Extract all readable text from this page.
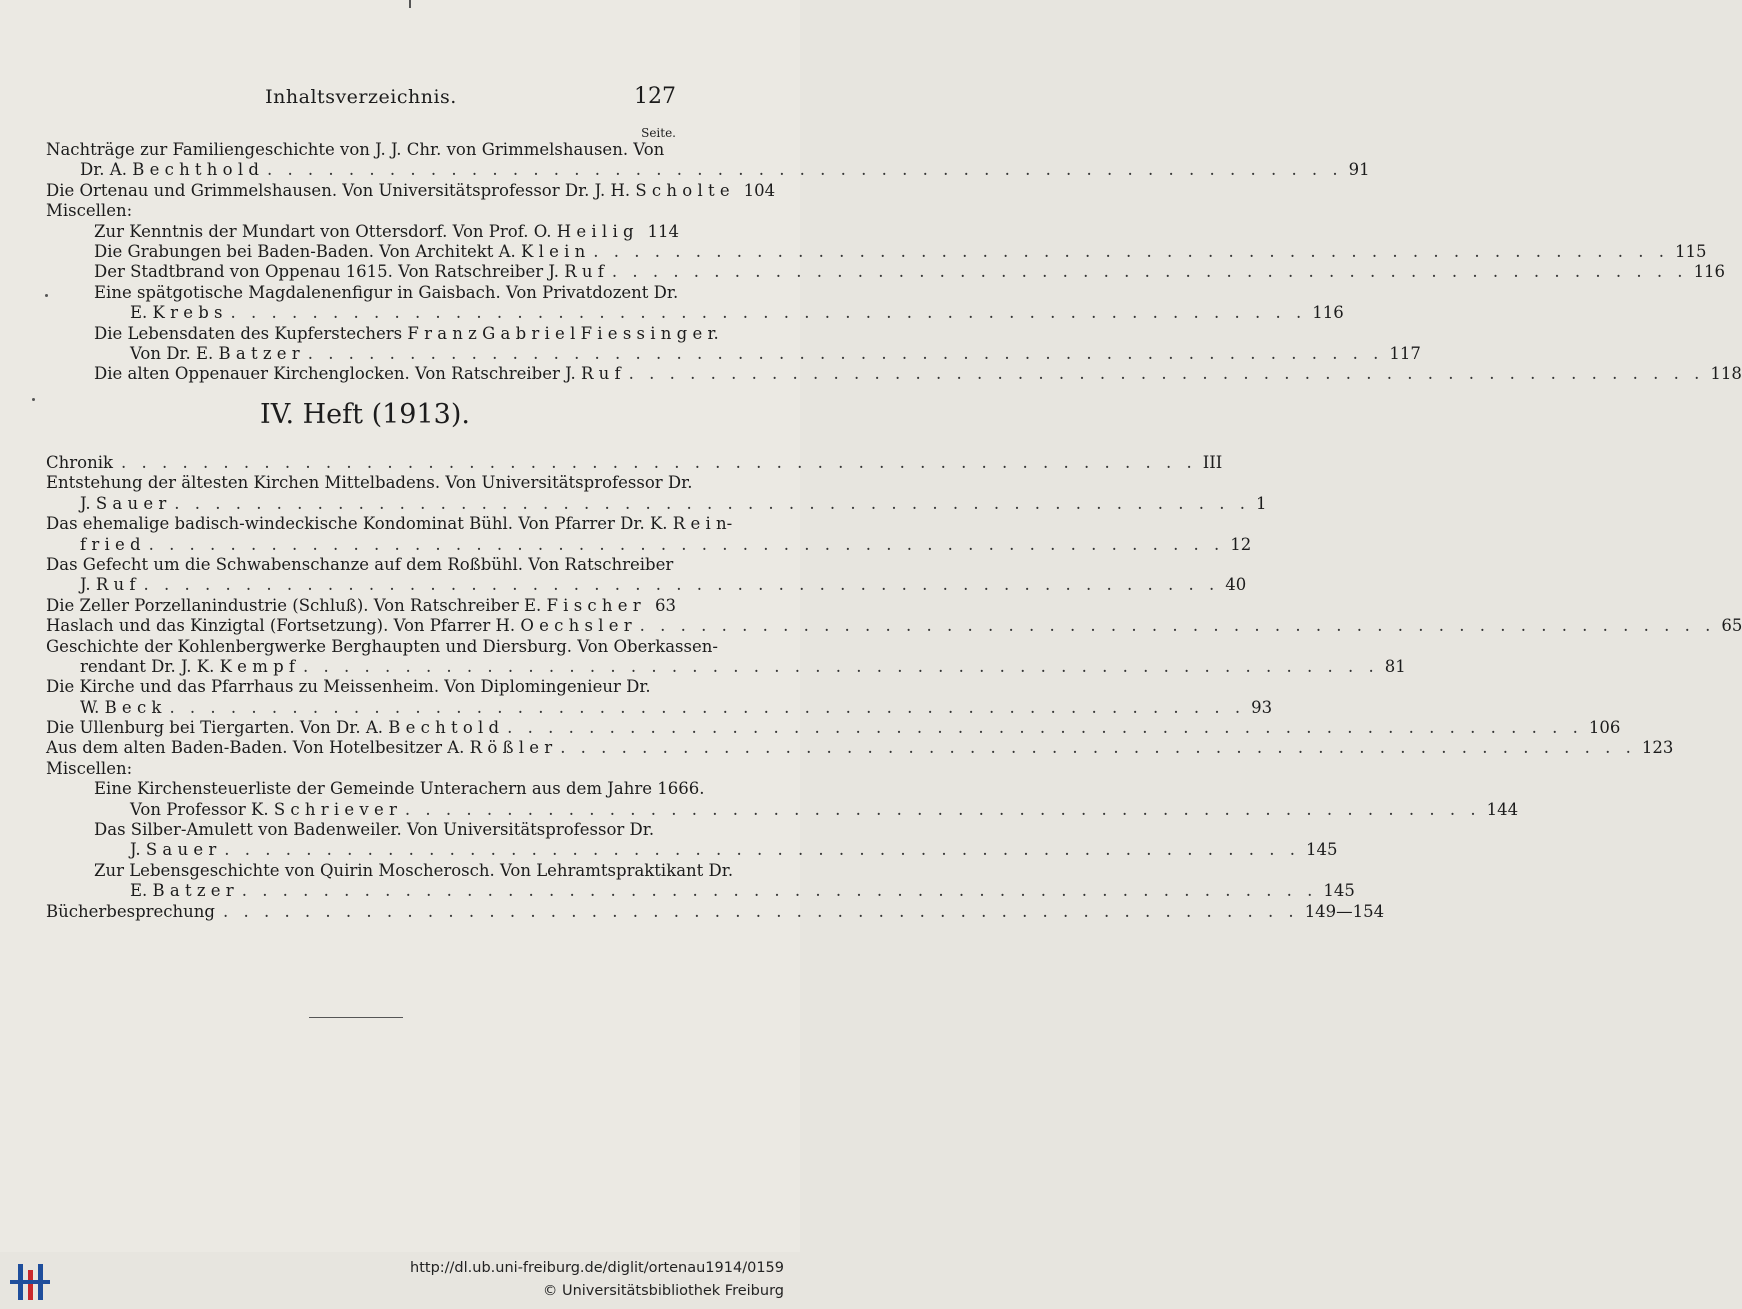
Inhaltsverzeichnis.	127
Seite.
Nachträge zur Familiengeschichte von J. J. Chr. von Grimmelshausen. Von
Dr. A. B e c h t h o l d . . .	91
Die Ortenau und Grimmelshausen. Von Universitätsprofessor Dr. J. H. S c h o l t e 104
Miscellen:
Zur Kenntnis der Mundart von Ottersdorf. Von Prof. O. H e i l i g 114
Die Grabungen bei Baden-Baden. Von Architekt A. K l e i n . . .	115
Der Stadtbrand von Oppenau 1615. Von Ratschreiber J. R u f . . .	116
Eine spätgotische Magdalenenfigur in Gaisbach. Von Privatdozent Dr.
E. K r e b s . . .	116
Die Lebensdaten des Kupferstechers F r a n z G a b r i e l F i e s s i n g e r.
Von Dr. E. B a t z e r . . .	117
Die alten Oppenauer Kirchenglocken. Von Ratschreiber J. R u f . . .	118
IV. Heft (1913).
Chronik . . .	III
Entstehung der ältesten Kirchen Mittelbadens. Von Universitätsprofessor Dr.
J. S a u e r . . .	1
Das ehemalige badisch-windeckische Kondominat Bühl. Von Pfarrer Dr. K. R e i n-
f r i e d . . .	12
Das Gefecht um die Schwabenschanze auf dem Roßbühl. Von Ratschreiber
J. R u f . . .	40
Die Zeller Porzellanindustrie (Schluß). Von Ratschreiber E. F i s c h e r . . . 63
Haslach und das Kinzigtal (Fortsetzung). Von Pfarrer H. O e c h s l e r . . .	65
Geschichte der Kohlenbergwerke Berghaupten und Diersburg. Von Oberkassen-
rendant Dr. J. K. K e m p f . . .	81
Die Kirche und das Pfarrhaus zu Meissenheim. Von Diplomingenieur Dr.
W. B e c k . . .	93
Die Ullenburg bei Tiergarten. Von Dr. A. B e c h t o l d . . .	106
Aus dem alten Baden-Baden. Von Hotelbesitzer A. R ö ß l e r . . .	123
Miscellen:
Eine Kirchensteuerliste der Gemeinde Unterachern aus dem Jahre 1666.
Von Professor K. S c h r i e v e r . . .	144
Das Silber-Amulett von Badenweiler. Von Universitätsprofessor Dr.
J. S a u e r . . .	145
Zur Lebensgeschichte von Quirin Moscherosch. Von Lehramtspraktikant Dr.
E. B a t z e r . . .	145
Bücherbesprechung . . .	149—154
http://dl.ub.uni-freiburg.de/diglit/ortenau1914/0159
© Universitätsbibliothek Freiburg
